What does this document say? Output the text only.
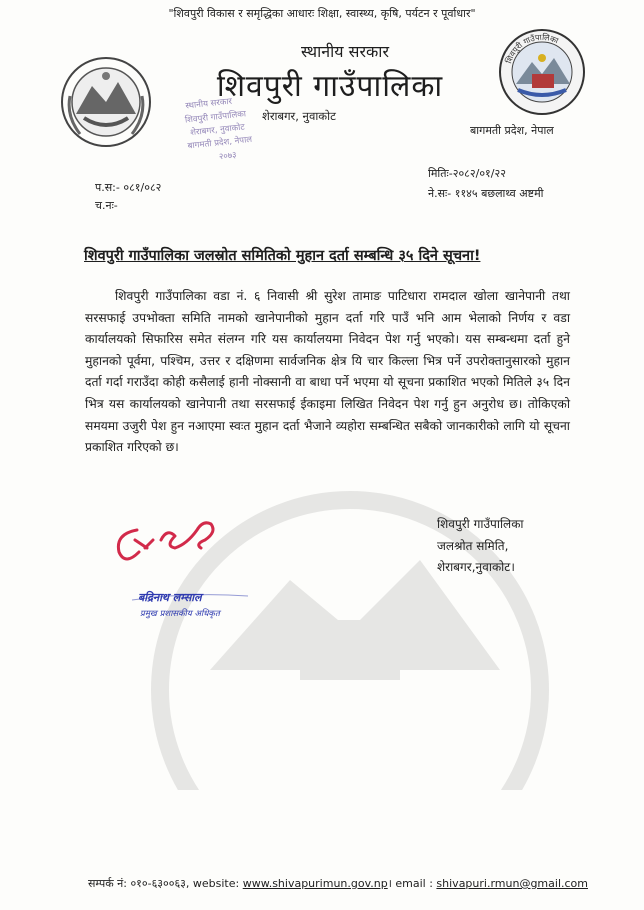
"शिवपुरी विकास र समृद्धिका आधारः शिक्षा, स्वास्थ्य, कृषि, पर्यटन र पूर्वाधार"
स्थानीय सरकार
शिवपुरी गाउँपालिका
शेराबगर, नुवाकोट
बागमती प्रदेश, नेपाल
२०७३
स्थानीय सरकार
शिवपुरी गाउँपालिका
शेराबगर, नुवाकोट
शिवपुरी गाउँपालिका
बागमती प्रदेश, नेपाल
प.स:- ०८१/०८२
च.नः-
मितिः-२०८२/०१/२२
ने.सः- ११४५ बछलाथ्व अष्टमी
शिवपुरी गाउँपालिका जलस्रोत समितिको मुहान दर्ता सम्बन्धि ३५ दिने सूचना!

शिवपुरी गाउँपालिका वडा नं. ६ निवासी श्री सुरेश तामाङ पाटिधारा रामदाल खोला खानेपानी तथा सरसफाई उपभोक्ता समिति नामको खानेपानीको मुहान दर्ता गरि पाउँ भनि आम भेलाको निर्णय र वडा कार्यालयको सिफारिस समेत संलग्न गरि यस कार्यालयमा निवेदन पेश गर्नु भएको। यस सम्बन्धमा दर्ता हुने मुहानको पूर्वमा, पश्चिम, उत्तर र दक्षिणमा सार्वजनिक क्षेत्र यि चार किल्ला भित्र पर्ने उपरोक्तानुसारको मुहान दर्ता गर्दा गराउँदा कोही कसैलाई हानी नोक्सानी वा बाधा पर्ने भएमा यो सूचना प्रकाशित भएको मितिले ३५ दिन भित्र यस कार्यालयको खानेपानी तथा सरसफाई ईकाइमा लिखित निवेदन पेश गर्नु हुन अनुरोध छ। तोकिएको समयमा उजुरी पेश हुन नआएमा स्वःत मुहान दर्ता भैजाने व्यहोरा सम्बन्धित सबैको जानकारीको लागि यो सूचना प्रकाशित गरिएको छ।

बद्रिनाथ लम्साल
प्रमुख प्रशासकीय अधिकृत
शिवपुरी गाउँपालिका
जलश्रोत समिति,
शेराबगर,नुवाकोट।
सम्पर्क नं: ०१०-६३००६३, website: www.shivapurimun.gov.np। email : shivapuri.rmun@gmail.com
